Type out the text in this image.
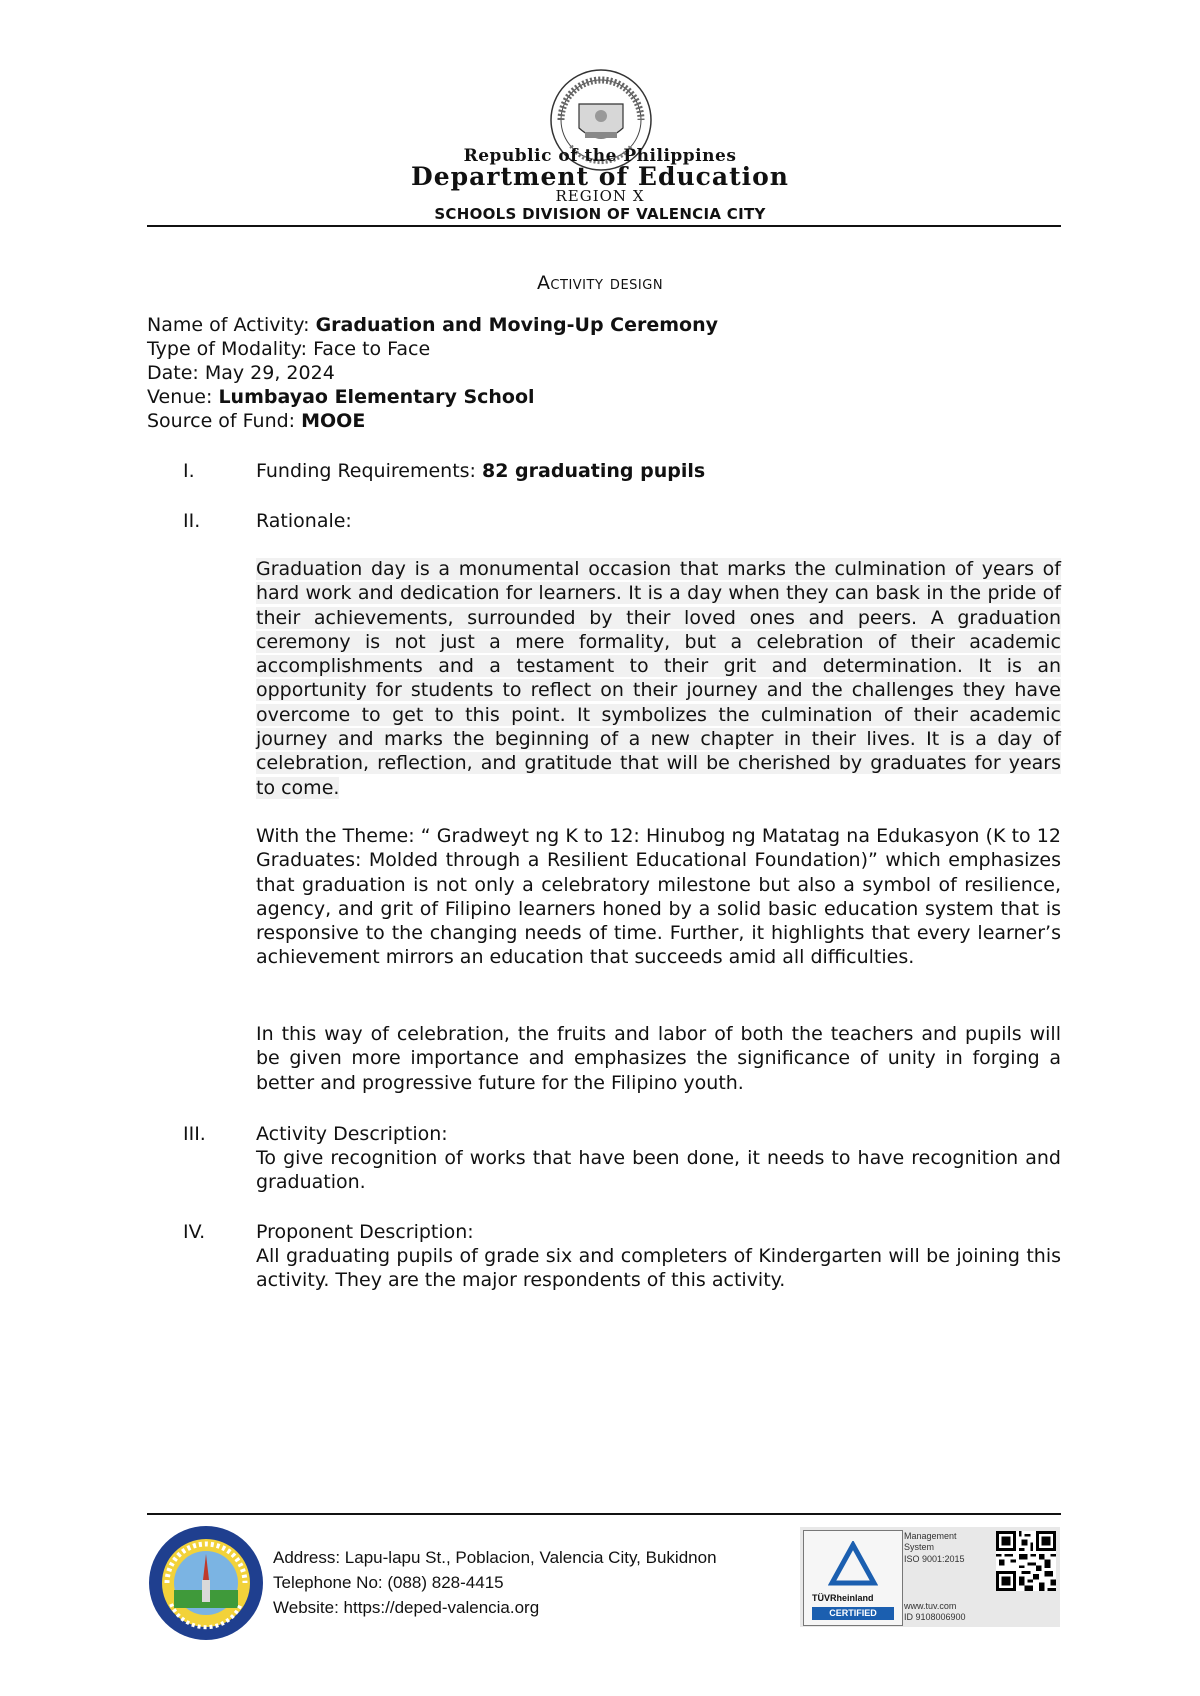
Republic of the Philippines
Department of Education
REGION X
SCHOOLS DIVISION OF VALENCIA CITY
Activity design
Name of Activity: Graduation and Moving-Up Ceremony
Type of Modality: Face to Face
Date: May 29, 2024
Venue: Lumbayao Elementary School
Source of Fund: MOOE
I.	Funding Requirements: 82 graduating pupils
II.	Rationale:
Graduation day is a monumental occasion that marks the culmination of years of hard work and dedication for learners. It is a day when they can bask in the pride of their achievements, surrounded by their loved ones and peers. A graduation ceremony is not just a mere formality, but a celebration of their academic accomplishments and a testament to their grit and determination. It is an opportunity for students to reflect on their journey and the challenges they have overcome to get to this point. It symbolizes the culmination of their academic journey and marks the beginning of a new chapter in their lives. It is a day of celebration, reflection, and gratitude that will be cherished by graduates for years to come.
With the Theme: “ Gradweyt ng K to 12: Hinubog ng Matatag na Edukasyon (K to 12 Graduates: Molded through a Resilient Educational Foundation)” which emphasizes that graduation is not only a celebratory milestone but also a symbol of resilience, agency, and grit of Filipino learners honed by a solid basic education system that is responsive to the changing needs of time. Further, it highlights that every learner’s achievement mirrors an education that succeeds amid all difficulties.
In this way of celebration, the fruits and labor of both the teachers and pupils will be given more importance and emphasizes the significance of unity in forging a better and progressive future for the Filipino youth.
III.	Activity Description:
To give recognition of works that have been done, it needs to have recognition and graduation.
IV.	Proponent Description:
All graduating pupils of grade six and completers of Kindergarten will be joining this activity. They are the major respondents of this activity.
Address: Lapu-lapu St., Poblacion, Valencia City, Bukidnon
Telephone No: (088) 828-4415
Website: https://deped-valencia.org	TÜVRheinland
CERTIFIED
Management
System
ISO 9001:2015
www.tuv.com
ID 9108006900
